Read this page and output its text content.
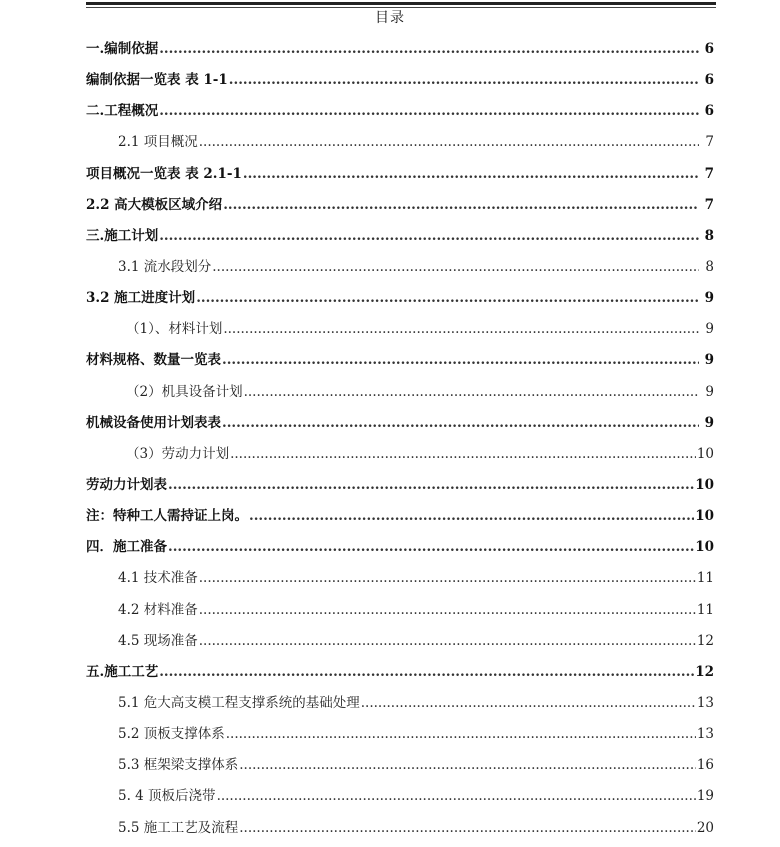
目录
一.编制依据 .....	6
编制依据一览表 表 1-1 .....	6
二.工程概况 .....	6
2.1 项目概况 .....	7
项目概况一览表 表 2.1-1 .....	7
2.2 高大模板区域介绍 .....	7
三.施工计划 .....	8
3.1 流水段划分 .....	8
3.2 施工进度计划 .....	9
（1）、材料计划 .....	9
材料规格、数量一览表 .....	9
（2）机具设备计划 .....	9
机械设备使用计划表表 .....	9
（3）劳动力计划 .....	10
劳动力计划表 .....	10
注：特种工人需持证上岗。 .....	10
四．施工准备 .....	10
4.1 技术准备 .....	11
4.2 材料准备 .....	11
4.5 现场准备 .....	12
五.施工工艺 .....	12
5.1 危大高支模工程支撑系统的基础处理 .....	13
5.2 顶板支撑体系 .....	13
5.3 框架梁支撑体系 .....	16
5. 4 顶板后浇带 .....	19
5.5 施工工艺及流程 .....	20
